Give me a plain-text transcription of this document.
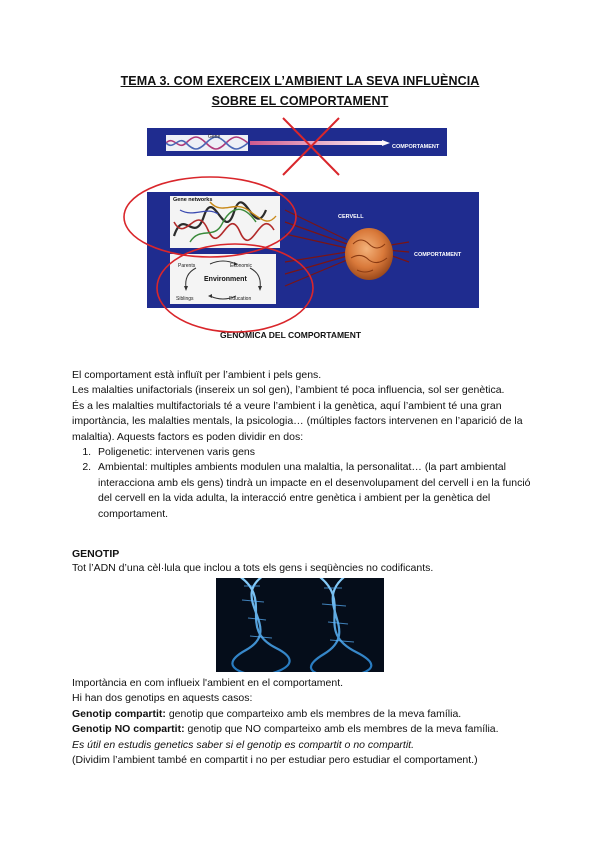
TEMA 3. COM EXERCEIX L’AMBIENT LA SEVA INFLUÈNCIA
SOBRE EL COMPORTAMENT
Gene
COMPORTAMENT
Gene networks
Parents	Economic
Environment
Siblings	Education
CERVELL
COMPORTAMENT
GENÒMICA DEL COMPORTAMENT

El comportament està influït per l’ambient i pels gens.

Les malalties unifactorials (insereix un sol gen), l’ambient té poca influencia, sol ser genètica.

És a les malalties multifactorials té a veure l’ambient i la genètica, aquí l’ambient té una gran importància, les malalties mentals, la psicologia… (múltiples factors intervenen en l’aparició de la malaltia). Aquests factors es poden dividir en dos:

1. Poligenetic: intervenen varis gens
2. Ambiental: multiples ambients modulen una malaltia, la personalitat… (la part ambiental interacciona amb els gens) tindrà un impacte en el desenvolupament del cervell i en la funció del cervell en la vida adulta, la interacció entre genètica i ambient per la genètica del comportament.
GENOTIP
Tot l’ADN d’una cèl·lula que inclou a tots els gens i seqüències no codificants.

Importància en com influeix l'ambient en el comportament.

Hi han dos genotips en aquests casos:

Genotip compartit: genotip que comparteixo amb els membres de la meva família.

Genotip NO compartit: genotip que NO comparteixo amb els membres de la meva família.

Es útil en estudis genetics saber si el genotip es compartit o no compartit.

(Dividim l’ambient també en compartit i no per estudiar pero estudiar el comportament.)
